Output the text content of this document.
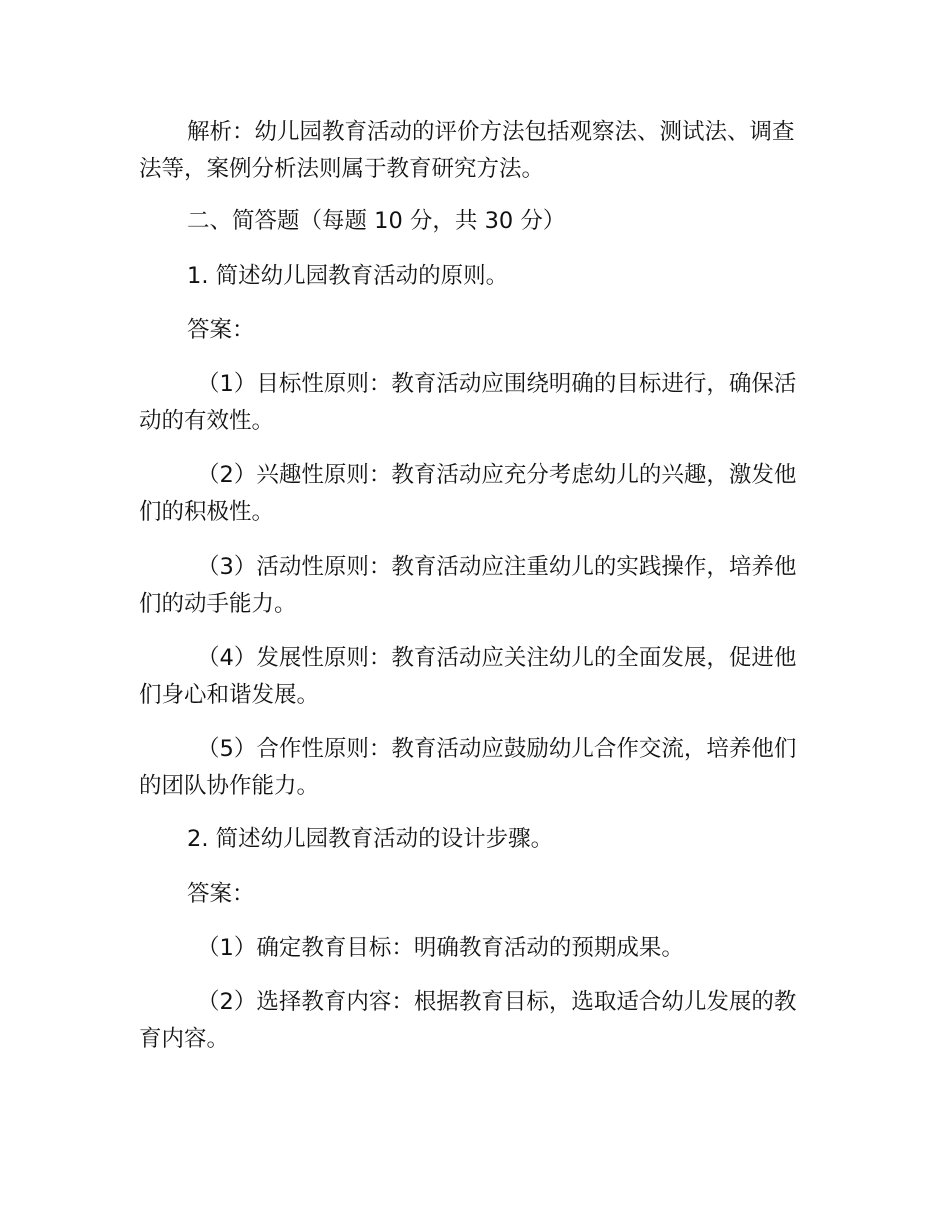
解析：幼儿园教育活动的评价方法包括观察法、测试法、调查法等，案例分析法则属于教育研究方法。

二、简答题（每题 10 分，共 30 分）

1. 简述幼儿园教育活动的原则。

答案：

（1）目标性原则：教育活动应围绕明确的目标进行，确保活动的有效性。

（2）兴趣性原则：教育活动应充分考虑幼儿的兴趣，激发他们的积极性。

（3）活动性原则：教育活动应注重幼儿的实践操作，培养他们的动手能力。

（4）发展性原则：教育活动应关注幼儿的全面发展，促进他们身心和谐发展。

（5）合作性原则：教育活动应鼓励幼儿合作交流，培养他们的团队协作能力。

2. 简述幼儿园教育活动的设计步骤。

答案：

（1）确定教育目标：明确教育活动的预期成果。

（2）选择教育内容：根据教育目标，选取适合幼儿发展的教育内容。
